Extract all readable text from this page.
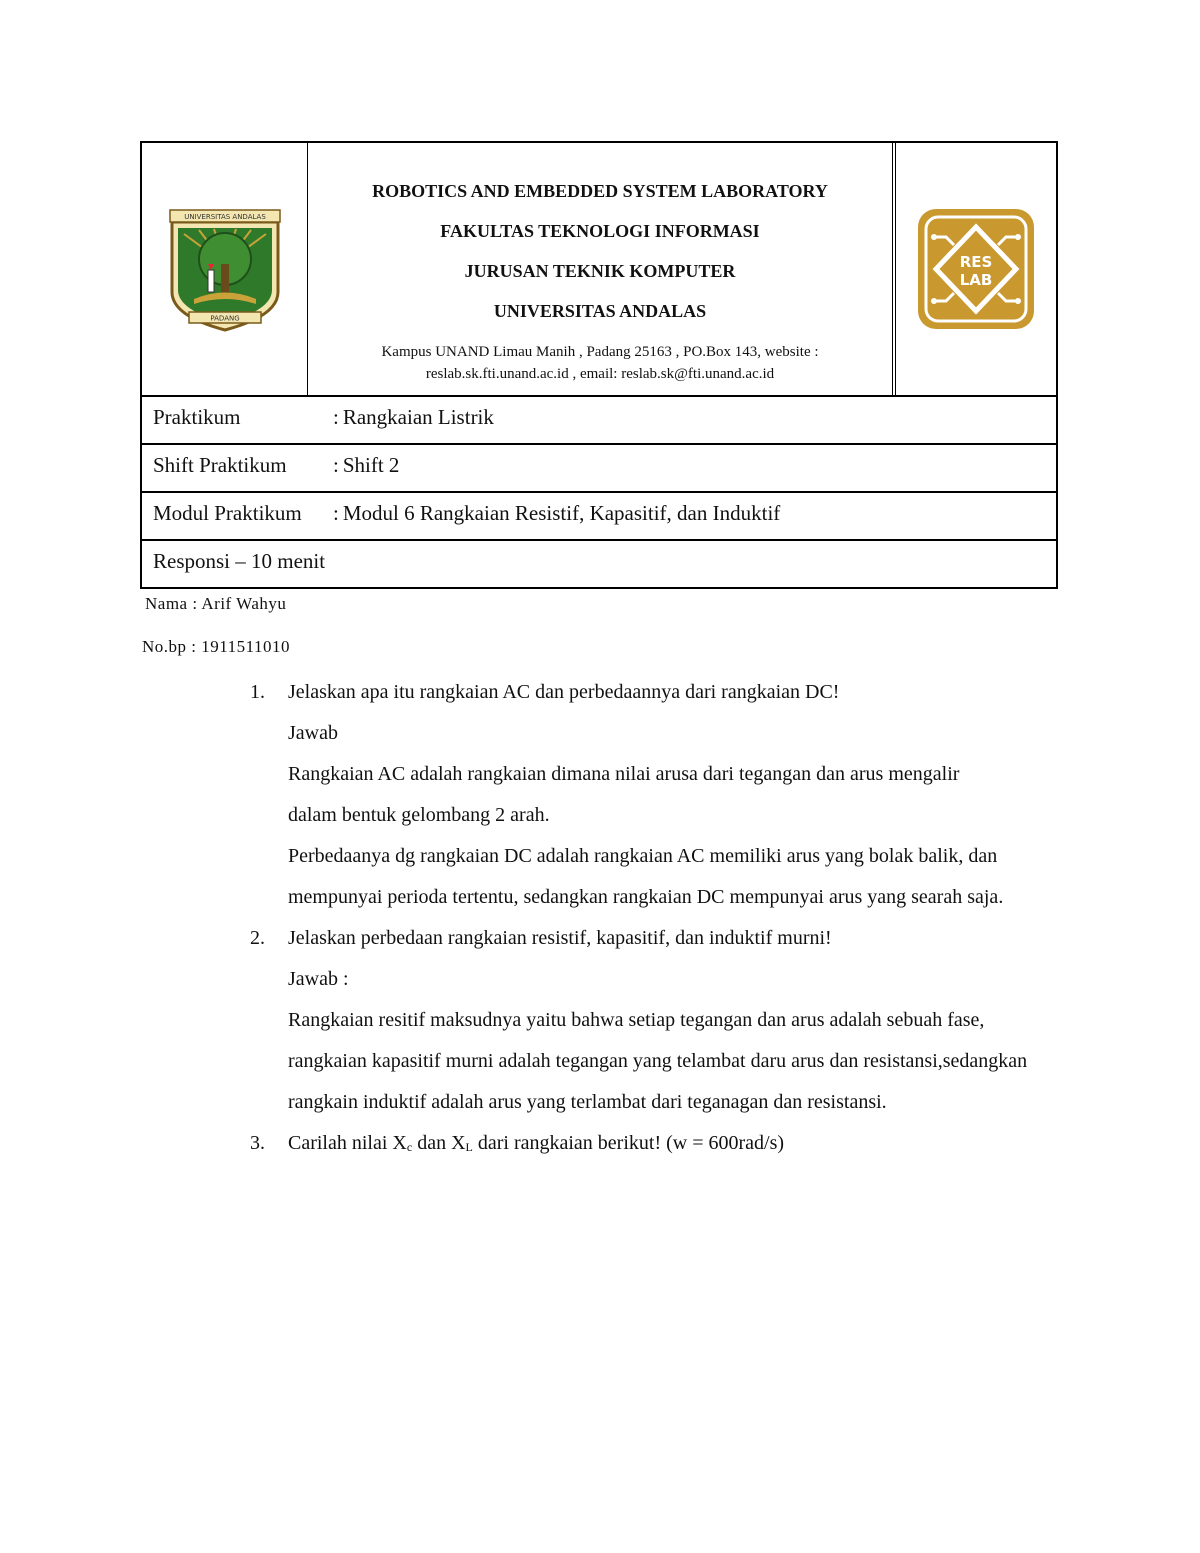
UNIVERSITAS ANDALAS
PADANG
ROBOTICS AND EMBEDDED SYSTEM LABORATORY
FAKULTAS TEKNOLOGI INFORMASI
JURUSAN TEKNIK KOMPUTER
UNIVERSITAS ANDALAS
Kampus UNAND Limau Manih , Padang 25163 , PO.Box 143, website :
reslab.sk.fti.unand.ac.id , email: reslab.sk@fti.unand.ac.id
RES
LAB
Praktikum	: Rangkaian Listrik
Shift Praktikum	: Shift 2
Modul Praktikum	: Modul 6 Rangkaian Resistif, Kapasitif, dan Induktif
Responsi – 10 menit
Nama : Arif Wahyu
No.bp : 1911511010
1. Jelaskan apa itu rangkaian AC dan perbedaannya dari rangkaian DC!
Jawab
Rangkaian AC adalah rangkaian dimana nilai arusa dari tegangan dan arus mengalir dalam bentuk gelombang 2 arah.
Perbedaanya dg rangkaian DC adalah rangkaian AC memiliki arus yang bolak balik, dan mempunyai perioda tertentu, sedangkan rangkaian DC mempunyai arus yang searah saja.
2. Jelaskan perbedaan rangkaian resistif, kapasitif, dan induktif murni!
Jawab :
Rangkaian resitif maksudnya yaitu bahwa setiap tegangan dan arus adalah sebuah fase, rangkaian kapasitif murni adalah tegangan yang telambat daru arus dan resistansi,sedangkan rangkain induktif adalah arus yang terlambat dari teganagan dan resistansi.
3. Carilah nilai Xc dan XL dari rangkaian berikut! (w = 600rad/s)
